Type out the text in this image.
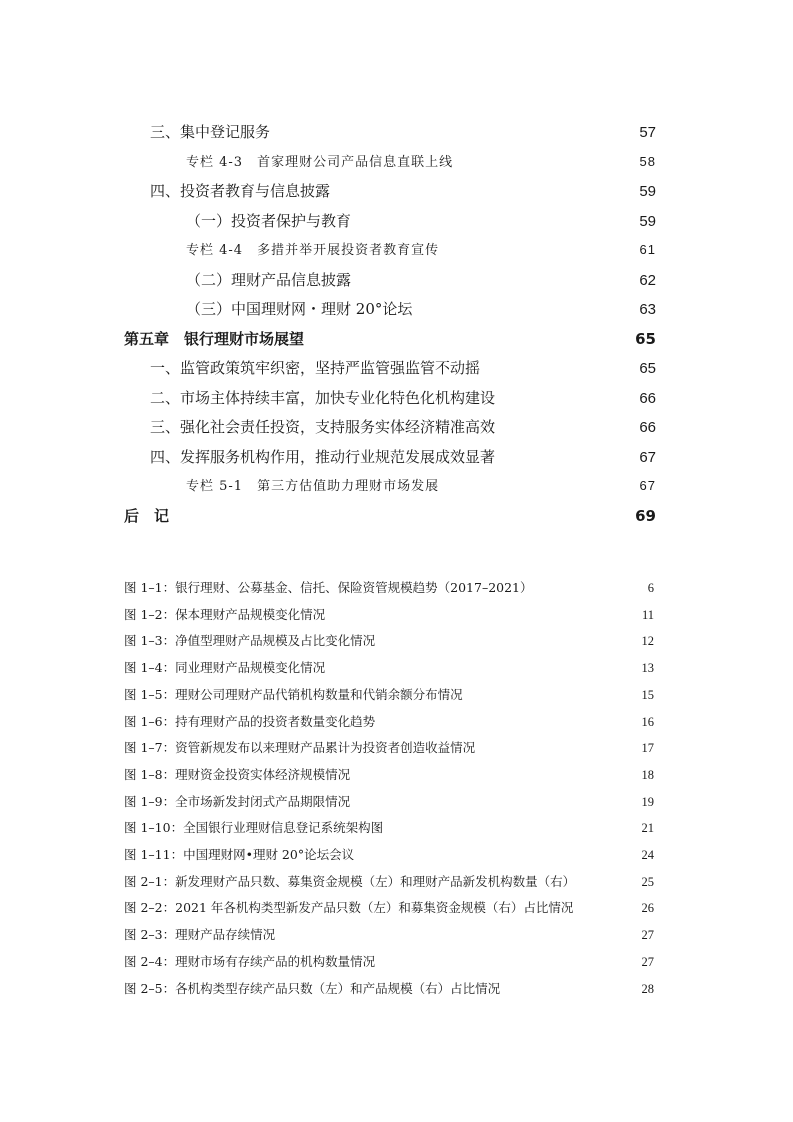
三、集中登记服务	57
专栏 4-3　首家理财公司产品信息直联上线	58
四、投资者教育与信息披露	59
（一）投资者保护与教育	59
专栏 4-4　多措并举开展投资者教育宣传	61
（二）理财产品信息披露	62
（三）中国理财网・理财 20°论坛	63
第五章　银行理财市场展望	65
一、监管政策筑牢织密，坚持严监管强监管不动摇	65
二、市场主体持续丰富，加快专业化特色化机构建设	66
三、强化社会责任投资，支持服务实体经济精准高效	66
四、发挥服务机构作用，推动行业规范发展成效显著	67
专栏 5-1　第三方估值助力理财市场发展	67
后　记	69
图 1–1：银行理财、公募基金、信托、保险资管规模趋势（2017–2021）	6
图 1–2：保本理财产品规模变化情况	11
图 1–3：净值型理财产品规模及占比变化情况	12
图 1–4：同业理财产品规模变化情况	13
图 1–5：理财公司理财产品代销机构数量和代销余额分布情况	15
图 1–6：持有理财产品的投资者数量变化趋势	16
图 1–7：资管新规发布以来理财产品累计为投资者创造收益情况	17
图 1–8：理财资金投资实体经济规模情况	18
图 1–9：全市场新发封闭式产品期限情况	19
图 1–10：全国银行业理财信息登记系统架构图	21
图 1–11：中国理财网•理财 20°论坛会议	24
图 2–1：新发理财产品只数、募集资金规模（左）和理财产品新发机构数量（右）	25
图 2–2：2021 年各机构类型新发产品只数（左）和募集资金规模（右）占比情况	26
图 2–3：理财产品存续情况	27
图 2–4：理财市场有存续产品的机构数量情况	27
图 2–5：各机构类型存续产品只数（左）和产品规模（右）占比情况	28
